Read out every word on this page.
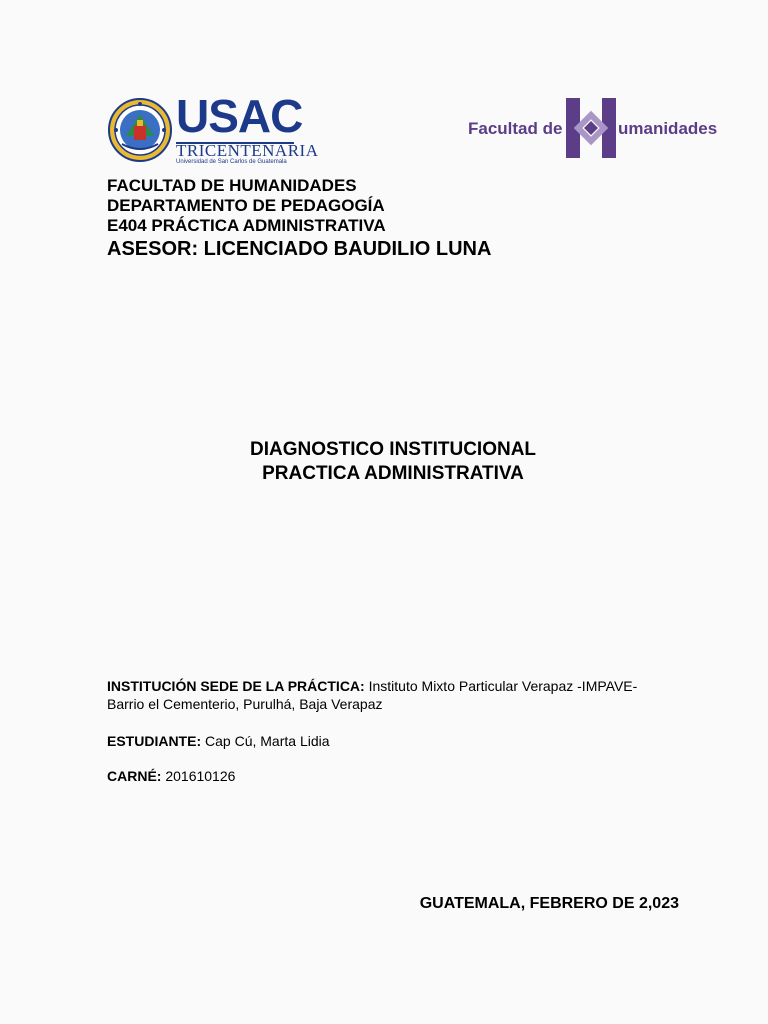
USAC
TRICENTENARIA
Universidad de San Carlos de Guatemala
Facultad de	umanidades
FACULTAD DE HUMANIDADES
DEPARTAMENTO DE PEDAGOGÍA
E404 PRÁCTICA ADMINISTRATIVA
ASESOR: LICENCIADO BAUDILIO LUNA
DIAGNOSTICO INSTITUCIONAL
PRACTICA ADMINISTRATIVA

INSTITUCIÓN SEDE DE LA PRÁCTICA: Instituto Mixto Particular Verapaz -IMPAVE-

Barrio el Cementerio, Purulhá, Baja Verapaz

ESTUDIANTE: Cap Cú, Marta Lidia

CARNÉ: 201610126

GUATEMALA, FEBRERO DE 2,023
